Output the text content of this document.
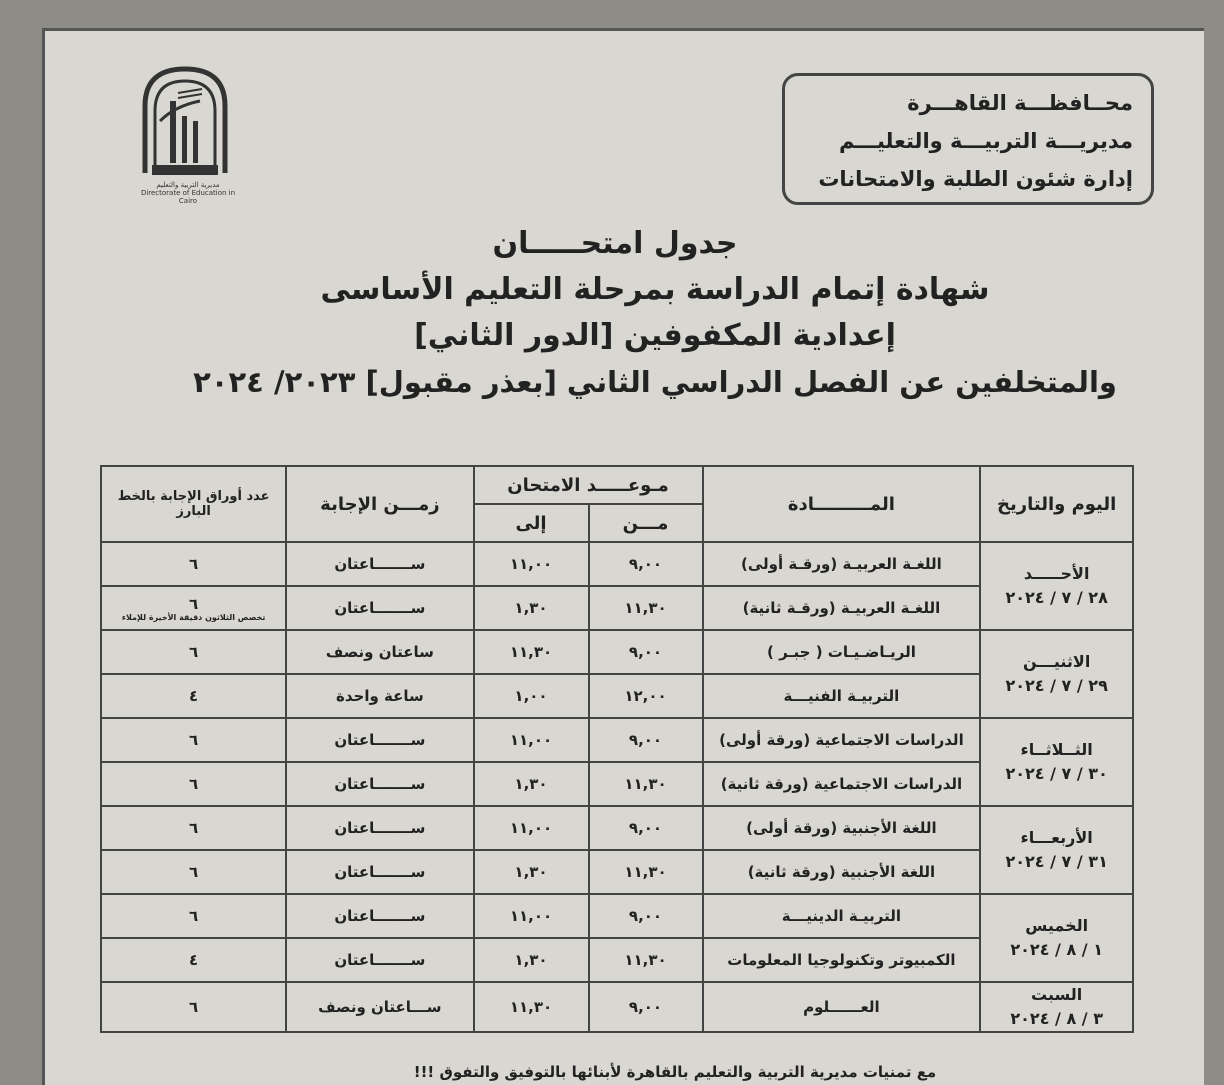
مديرية التربية والتعليم
Directorate of Education in Cairo
محــافظـــة القاهـــرة
مديريـــة التربيـــة والتعليـــم
إدارة شئون الطلبة والامتحانات
جدول امتحـــــان
شهادة إتمام الدراسة بمرحلة التعليم الأساسى
إعدادية المكفوفين [الدور الثاني]
والمتخلفين عن الفصل الدراسي الثاني [بعذر مقبول] ٢٠٢٣/ ٢٠٢٤
اليوم والتاريخ	المـــــــــادة	مـوعـــــد الامتحان		زمـــن الإجابة	عدد أوراق الإجابة بالخط البارز
		مـــن	إلى		

الأحـــــد
٢٨ / ٧ / ٢٠٢٤	اللغـة العربيـة (ورقـة أولى)	٩,٠٠	١١,٠٠	ســـــــاعتان	٦
	اللغـة العربيـة (ورقـة ثانية)	١١,٣٠	١,٣٠	ســـــــاعتان	٦
تخصص الثلاثون دقيقة الأخيرة للإملاء

الاثنيـــن
٢٩ / ٧ / ٢٠٢٤	الريـاضـيـات ( جبـر )	٩,٠٠	١١,٣٠	ساعتان ونصف	٦
	التربيـة الفنيـــة	١٢,٠٠	١,٠٠	ساعة واحدة	٤

الثــلاثــاء
٣٠ / ٧ / ٢٠٢٤	الدراسات الاجتماعية (ورقة أولى)	٩,٠٠	١١,٠٠	ســـــــاعتان	٦
	الدراسات الاجتماعية (ورقة ثانية)	١١,٣٠	١,٣٠	ســـــــاعتان	٦

الأربعـــاء
٣١ / ٧ / ٢٠٢٤	اللغة الأجنبية (ورقة أولى)	٩,٠٠	١١,٠٠	ســـــــاعتان	٦
	اللغة الأجنبية (ورقة ثانية)	١١,٣٠	١,٣٠	ســـــــاعتان	٦

الخميس
١ / ٨ / ٢٠٢٤	التربيـة الدينيـــة	٩,٠٠	١١,٠٠	ســـــــاعتان	٦
	الكمبيوتر وتكنولوجيا المعلومات	١١,٣٠	١,٣٠	ســـــــاعتان	٤

السبت
٣ / ٨ / ٢٠٢٤	العــــــلوم	٩,٠٠	١١,٣٠	ســـاعتان ونصف	٦
مع تمنيات مديرية التربية والتعليم بالقاهرة لأبنائها بالتوفيق والتفوق !!!
